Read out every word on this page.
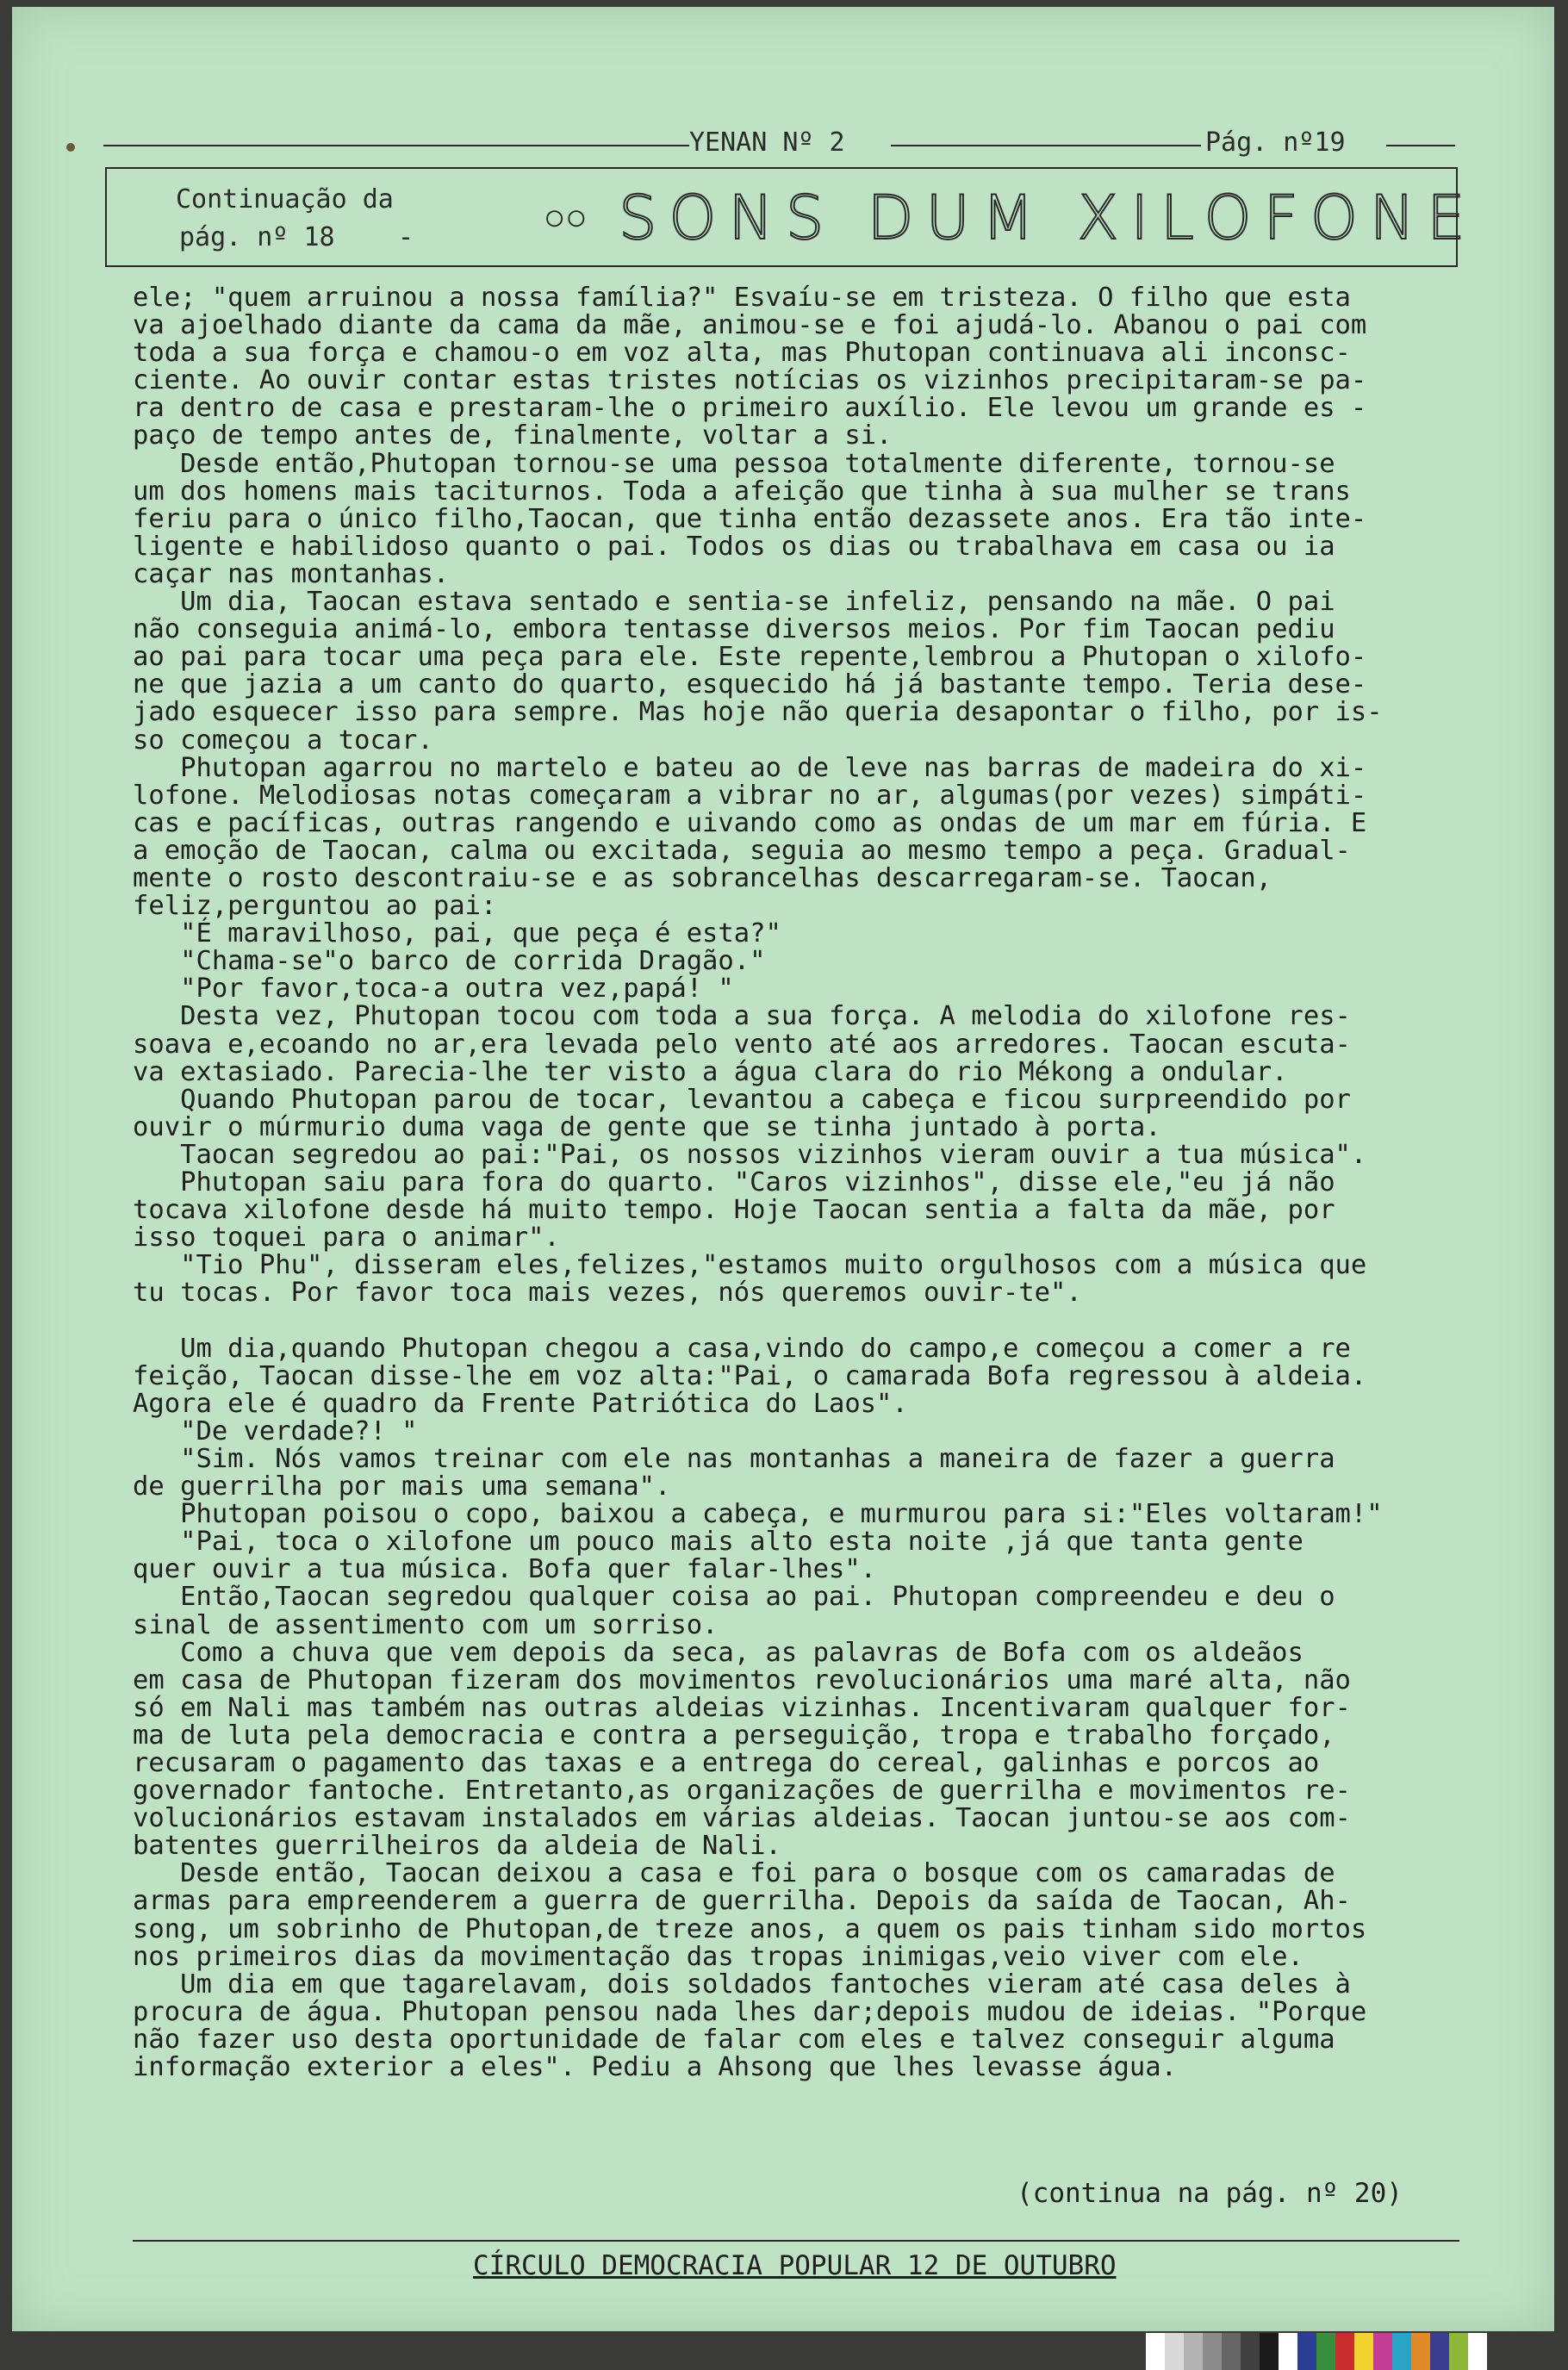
YENAN Nº 2	Pág. nº19
Continuação da
pág. nº 18 -
○○ SONS DUM XILOFONE
ele; "quem arruinou a nossa família?" Esvaíu-se em tristeza. O filho que esta
va ajoelhado diante da cama da mãe, animou-se e foi ajudá-lo. Abanou o pai com
toda a sua força e chamou-o em voz alta, mas Phutopan continuava ali inconsc-
ciente. Ao ouvir contar estas tristes notícias os vizinhos precipitaram-se pa-
ra dentro de casa e prestaram-lhe o primeiro auxílio. Ele levou um grande es -
paço de tempo antes de, finalmente, voltar a si.
Desde então,Phutopan tornou-se uma pessoa totalmente diferente, tornou-se
um dos homens mais taciturnos. Toda a afeição que tinha à sua mulher se trans
feriu para o único filho,Taocan, que tinha então dezassete anos. Era tão inte-
ligente e habilidoso quanto o pai. Todos os dias ou trabalhava em casa ou ia
caçar nas montanhas.
Um dia, Taocan estava sentado e sentia-se infeliz, pensando na mãe. O pai
não conseguia animá-lo, embora tentasse diversos meios. Por fim Taocan pediu
ao pai para tocar uma peça para ele. Este repente,lembrou a Phutopan o xilofo-
ne que jazia a um canto do quarto, esquecido há já bastante tempo. Teria dese-
jado esquecer isso para sempre. Mas hoje não queria desapontar o filho, por is-
so começou a tocar.
Phutopan agarrou no martelo e bateu ao de leve nas barras de madeira do xi-
lofone. Melodiosas notas começaram a vibrar no ar, algumas(por vezes) simpáti-
cas e pacíficas, outras rangendo e uivando como as ondas de um mar em fúria. E
a emoção de Taocan, calma ou excitada, seguia ao mesmo tempo a peça. Gradual-
mente o rosto descontraiu-se e as sobrancelhas descarregaram-se. Taocan,
feliz,perguntou ao pai:
"É maravilhoso, pai, que peça é esta?"
"Chama-se"o barco de corrida Dragão."
"Por favor,toca-a outra vez,papá! "
Desta vez, Phutopan tocou com toda a sua força. A melodia do xilofone res-
soava e,ecoando no ar,era levada pelo vento até aos arredores. Taocan escuta-
va extasiado. Parecia-lhe ter visto a água clara do rio Mékong a ondular.
Quando Phutopan parou de tocar, levantou a cabeça e ficou surpreendido por
ouvir o múrmurio duma vaga de gente que se tinha juntado à porta.
Taocan segredou ao pai:"Pai, os nossos vizinhos vieram ouvir a tua música".
Phutopan saiu para fora do quarto. "Caros vizinhos", disse ele,"eu já não
tocava xilofone desde há muito tempo. Hoje Taocan sentia a falta da mãe, por
isso toquei para o animar".
"Tio Phu", disseram eles,felizes,"estamos muito orgulhosos com a música que
tu tocas. Por favor toca mais vezes, nós queremos ouvir-te".
Um dia,quando Phutopan chegou a casa,vindo do campo,e começou a comer a re
feição, Taocan disse-lhe em voz alta:"Pai, o camarada Bofa regressou à aldeia.
Agora ele é quadro da Frente Patriótica do Laos".
"De verdade?! "
"Sim. Nós vamos treinar com ele nas montanhas a maneira de fazer a guerra
de guerrilha por mais uma semana".
Phutopan poisou o copo, baixou a cabeça, e murmurou para si:"Eles voltaram!"
"Pai, toca o xilofone um pouco mais alto esta noite ,já que tanta gente
quer ouvir a tua música. Bofa quer falar-lhes".
Então,Taocan segredou qualquer coisa ao pai. Phutopan compreendeu e deu o
sinal de assentimento com um sorriso.
Como a chuva que vem depois da seca, as palavras de Bofa com os aldeãos
em casa de Phutopan fizeram dos movimentos revolucionários uma maré alta, não
só em Nali mas também nas outras aldeias vizinhas. Incentivaram qualquer for-
ma de luta pela democracia e contra a perseguição, tropa e trabalho forçado,
recusaram o pagamento das taxas e a entrega do cereal, galinhas e porcos ao
governador fantoche. Entretanto,as organizações de guerrilha e movimentos re-
volucionários estavam instalados em várias aldeias. Taocan juntou-se aos com-
batentes guerrilheiros da aldeia de Nali.
Desde então, Taocan deixou a casa e foi para o bosque com os camaradas de
armas para empreenderem a guerra de guerrilha. Depois da saída de Taocan, Ah-
song, um sobrinho de Phutopan,de treze anos, a quem os pais tinham sido mortos
nos primeiros dias da movimentação das tropas inimigas,veio viver com ele.
Um dia em que tagarelavam, dois soldados fantoches vieram até casa deles à
procura de água. Phutopan pensou nada lhes dar;depois mudou de ideias. "Porque
não fazer uso desta oportunidade de falar com eles e talvez conseguir alguma
informação exterior a eles". Pediu a Ahsong que lhes levasse água.
(continua na pág. nº 20)
CÍRCULO DEMOCRACIA POPULAR 12 DE OUTUBRO
